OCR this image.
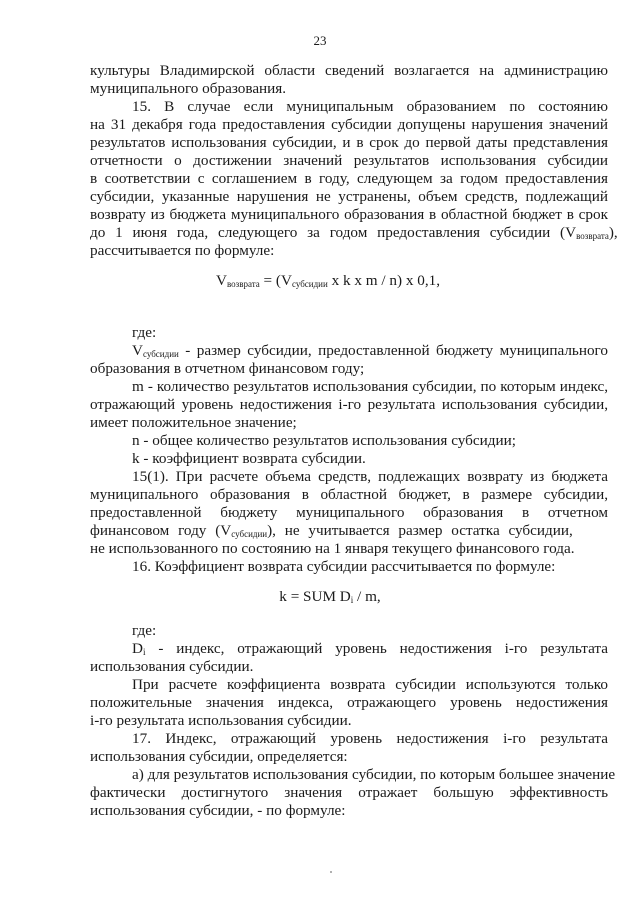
23
культуры Владимирской области сведений возлагается на администрацию
муниципального образования.
15. В случае если муниципальным образованием по состоянию
на 31 декабря года предоставления субсидии допущены нарушения значений
результатов использования субсидии, и в срок до первой даты представления
отчетности о достижении значений результатов использования субсидии
в соответствии с соглашением в году, следующем за годом предоставления
субсидии, указанные нарушения не устранены, объем средств, подлежащий
возврату из бюджета муниципального образования в областной бюджет в срок
до 1 июня года, следующего за годом предоставления субсидии $(V_{возврата})$,
рассчитывается по формуле:
$V_{возврата} = (V_{субсидии}$ x k x m / n) x 0,1,
где:
$V_{субсидии}$ - размер субсидии, предоставленной бюджету муниципального
образования в отчетном финансовом году;
m - количество результатов использования субсидии, по которым индекс,
отражающий уровень недостижения i-го результата использования субсидии,
имеет положительное значение;
n - общее количество результатов использования субсидии;
k - коэффициент возврата субсидии.
15(1). При расчете объема средств, подлежащих возврату из бюджета
муниципального образования в областной бюджет, в размере субсидии,
предоставленной бюджету муниципального образования в отчетном
финансовом году $(V_{субсидии})$, не учитывается размер остатка субсидии,
не использованного по состоянию на 1 января текущего финансового года.
16. Коэффициент возврата субсидии рассчитывается по формуле:
k = SUM $D_i$ / m,
где:
$D_i$ - индекс, отражающий уровень недостижения i-го результата
использования субсидии.
При расчете коэффициента возврата субсидии используются только
положительные значения индекса, отражающего уровень недостижения
i-го результата использования субсидии.
17. Индекс, отражающий уровень недостижения i-го результата
использования субсидии, определяется:
а) для результатов использования субсидии, по которым большее значение
фактически достигнутого значения отражает большую эффективность
использования субсидии, - по формуле:
